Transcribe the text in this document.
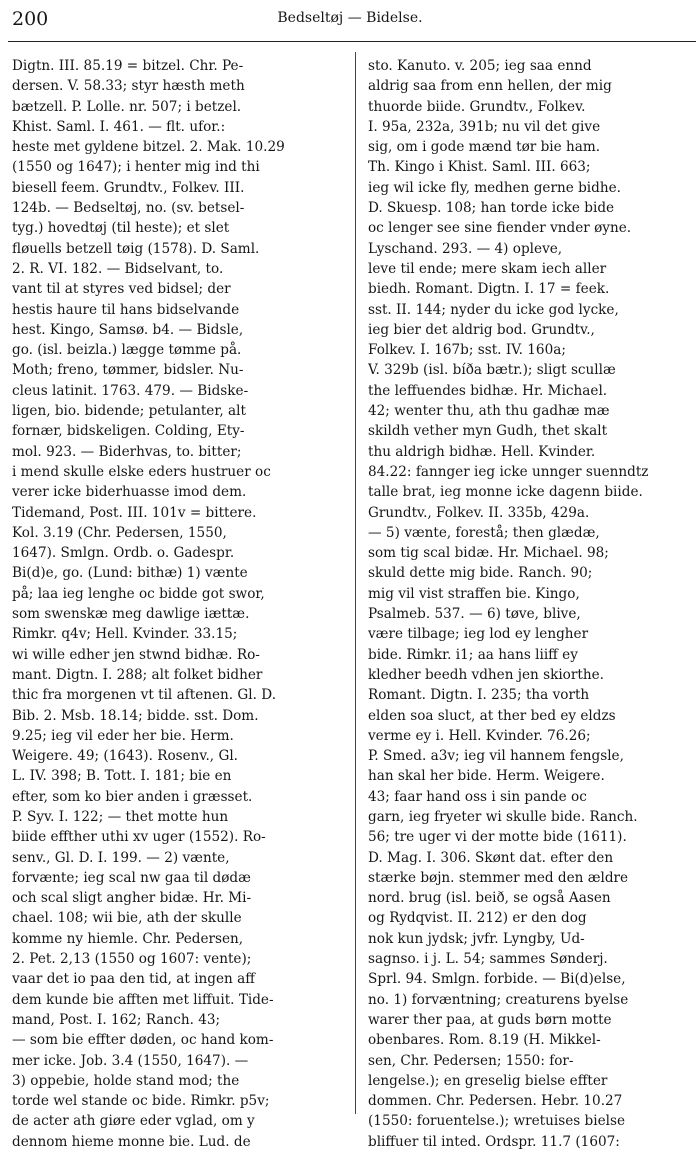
200	Bedseltøj — Bidelse.
Digtn. III. 85.19 = bitzel. Chr. Pe-
dersen. V. 58.33; styr hæsth meth
bætzell. P. Lolle. nr. 507; i betzel.
Khist. Saml. I. 461. — flt. ufor.:
heste met gyldene bitzel. 2. Mak. 10.29
(1550 og 1647); i henter mig ind thi
biesell feem. Grundtv., Folkev. III.
124b. — Bedseltøj, no. (sv. betsel-
tyg.) hovedtøj (til heste); et slet
fløuells betzell tøig (1578). D. Saml.
2. R. VI. 182. — Bidselvant, to.
vant til at styres ved bidsel; der
hestis haure til hans bidselvande
hest. Kingo, Samsø. b4. — Bidsle,
go. (isl. beizla.) lægge tømme på.
Moth; freno, tømmer, bidsler. Nu-
cleus latinit. 1763. 479. — Bidske-
ligen, bio. bidende; petulanter, alt
fornær, bidskeligen. Colding, Ety-
mol. 923. — Biderhvas, to. bitter;
i mend skulle elske eders hustruer oc
verer icke biderhuasse imod dem.
Tidemand, Post. III. 101v = bittere.
Kol. 3.19 (Chr. Pedersen, 1550,
1647). Smlgn. Ordb. o. Gadespr.
Bi(d)e, go. (Lund: bithæ) 1) vænte
på; laa ieg lenghe oc bidde got swor,
som swenskæ meg dawlige iættæ.
Rimkr. q4v; Hell. Kvinder. 33.15;
wi wille edher jen stwnd bidhæ. Ro-
mant. Digtn. I. 288; alt folket bidher
thic fra morgenen vt til aftenen. Gl. D.
Bib. 2. Msb. 18.14; bidde. sst. Dom.
9.25; ieg vil eder her bie. Herm.
Weigere. 49; (1643). Rosenv., Gl.
L. IV. 398; B. Tott. I. 181; bie en
efter, som ko bier anden i græsset.
P. Syv. I. 122; — thet motte hun
biide effther uthi xv uger (1552). Ro-
senv., Gl. D. I. 199. — 2) vænte,
forvænte; ieg scal nw gaa til dødæ
och scal sligt angher bidæ. Hr. Mi-
chael. 108; wii bie, ath der skulle
komme ny hiemle. Chr. Pedersen,
2. Pet. 2,13 (1550 og 1607: vente);
vaar det io paa den tid, at ingen aff
dem kunde bie afften met liffuit. Tide-
mand, Post. I. 162; Ranch. 43;
— som bie effter døden, oc hand kom-
mer icke. Job. 3.4 (1550, 1647). —
3) oppebie, holde stand mod; the
torde wel stande oc bide. Rimkr. p5v;
de acter ath giøre eder vglad, om y
dennom hieme monne bie. Lud. de
sto. Kanuto. v. 205; ieg saa ennd
aldrig saa from enn hellen, der mig
thuorde biide. Grundtv., Folkev.
I. 95a, 232a, 391b; nu vil det give
sig, om i gode mænd tør bie ham.
Th. Kingo i Khist. Saml. III. 663;
ieg wil icke fly, medhen gerne bidhe.
D. Skuesp. 108; han torde icke bide
oc lenger see sine fiender vnder øyne.
Lyschand. 293. — 4) opleve,
leve til ende; mere skam iech aller
biedh. Romant. Digtn. I. 17 = feek.
sst. II. 144; nyder du icke god lycke,
ieg bier det aldrig bod. Grundtv.,
Folkev. I. 167b; sst. IV. 160a;
V. 329b (isl. bíða bætr.); sligt scullæ
the leffuendes bidhæ. Hr. Michael.
42; wenter thu, ath thu gadhæ mæ
skildh vether myn Gudh, thet skalt
thu aldrigh bidhæ. Hell. Kvinder.
84.22: fannger ieg icke unnger suenndtz
talle brat, ieg monne icke dagenn biide.
Grundtv., Folkev. II. 335b, 429a.
— 5) vænte, forestå; then glædæ,
som tig scal bidæ. Hr. Michael. 98;
skuld dette mig bide. Ranch. 90;
mig vil vist straffen bie. Kingo,
Psalmeb. 537. — 6) tøve, blive,
være tilbage; ieg lod ey lengher
bide. Rimkr. i1; aa hans liiff ey
kledher beedh vdhen jen skiorthe.
Romant. Digtn. I. 235; tha vorth
elden soa sluct, at ther bed ey eldzs
verme ey i. Hell. Kvinder. 76.26;
P. Smed. a3v; ieg vil hannem fengsle,
han skal her bide. Herm. Weigere.
43; faar hand oss i sin pande oc
garn, ieg fryeter wi skulle bide. Ranch.
56; tre uger vi der motte bide (1611).
D. Mag. I. 306. Skønt dat. efter den
stærke bøjn. stemmer med den ældre
nord. brug (isl. beið, se også Aasen
og Rydqvist. II. 212) er den dog
nok kun jydsk; jvfr. Lyngby, Ud-
sagnso. i j. L. 54; sammes Sønderj.
Sprl. 94. Smlgn. forbide. — Bi(d)else,
no. 1) forvæntning; creaturens byelse
warer ther paa, at guds børn motte
obenbares. Rom. 8.19 (H. Mikkel-
sen, Chr. Pedersen; 1550: for-
lengelse.); en greselig bielse effter
dommen. Chr. Pedersen. Hebr. 10.27
(1550: foruentelse.); wretuises bielse
bliffuer til inted. Ordspr. 11.7 (1607:
